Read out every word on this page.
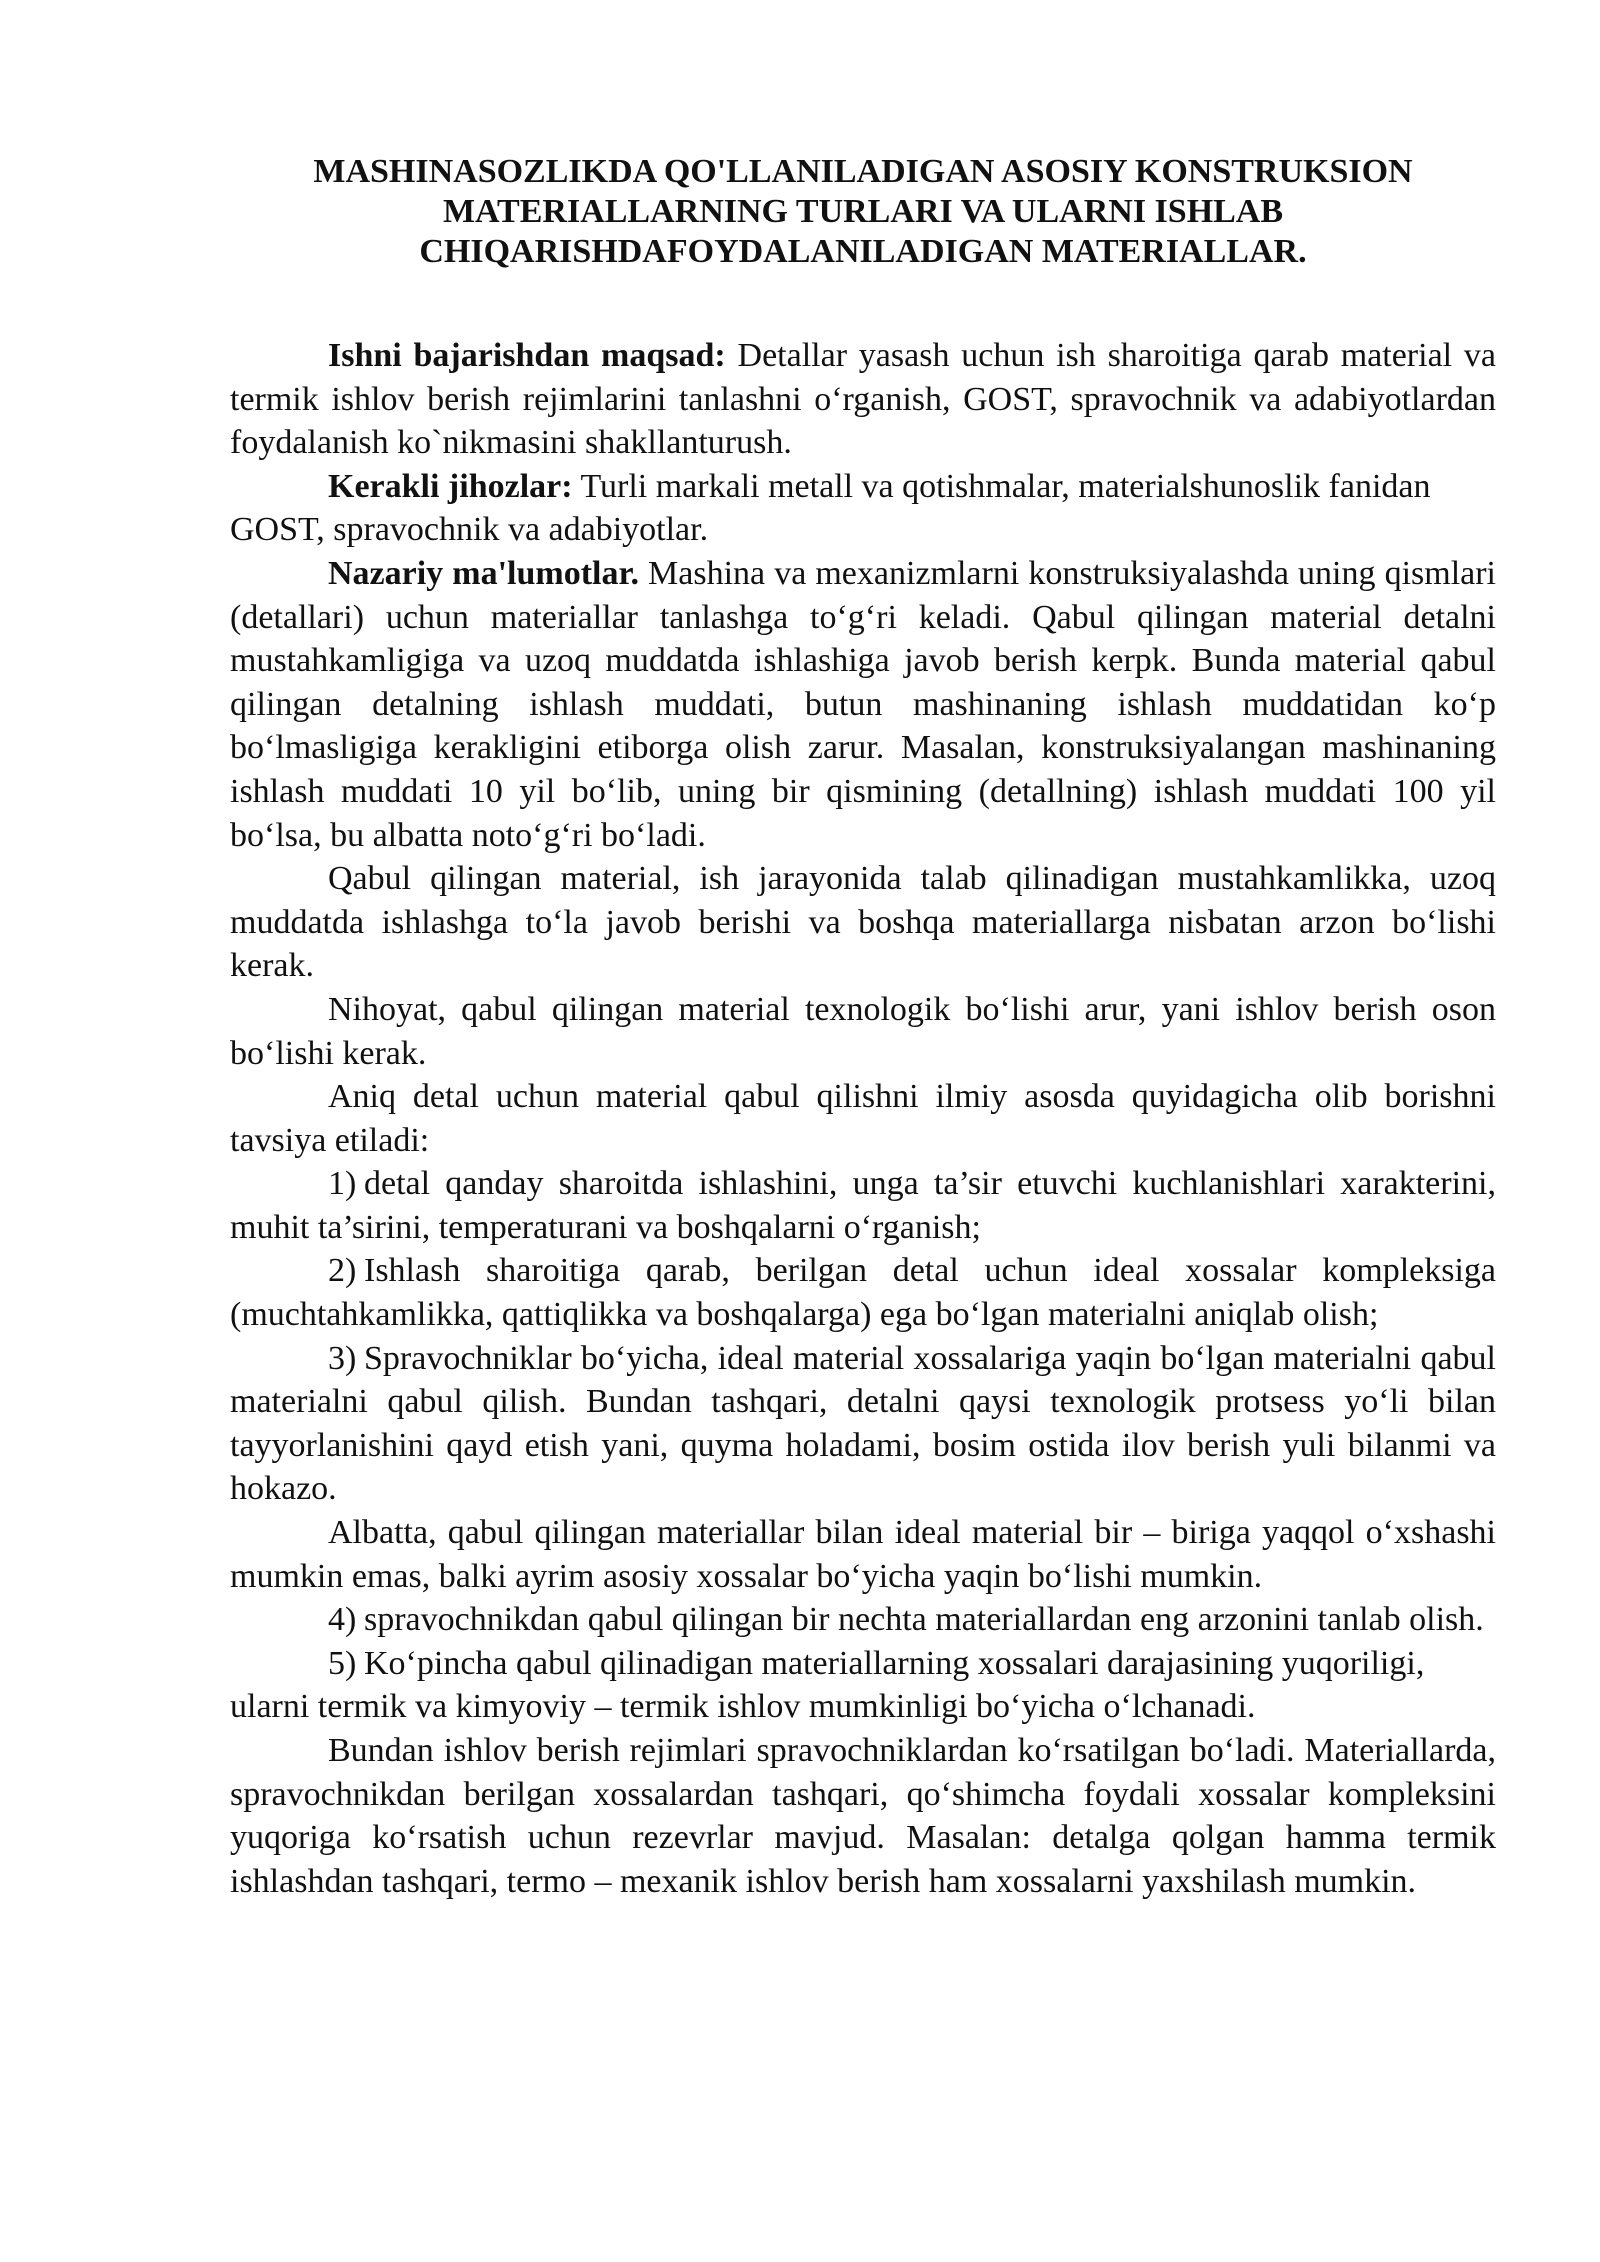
MASHINASOZLIKDA QO'LLANILADIGAN ASOSIY KONSTRUKSION
MATERIALLARNING TURLARI VA ULARNI ISHLAB
CHIQARISHDAFOYDALANILADIGAN MATERIALLAR.

Ishni bajarishdan maqsad: Detallar yasash uchun ish sharoitiga qarab material va termik ishlov berish rejimlarini tanlashni o‘rganish, GOST, spravochnik va adabiyotlardan foydalanish ko`nikmasini shakllanturush.

Kerakli jihozlar: Turli markali metall va qotishmalar, materialshunoslik fanidan GOST, spravochnik va adabiyotlar.

Nazariy ma'lumotlar. Mashina va mexanizmlarni konstruksiyalashda uning qismlari (detallari) uchun materiallar tanlashga to‘g‘ri keladi. Qabul qilingan material detalni mustahkamligiga va uzoq muddatda ishlashiga javob berish kerpk. Bunda material qabul qilingan detalning ishlash muddati, butun mashinaning ishlash muddatidan ko‘p bo‘lmasligiga kerakligini etiborga olish zarur. Masalan, konstruksiyalangan mashinaning ishlash muddati 10 yil bo‘lib, uning bir qismining (detallning) ishlash muddati 100 yil bo‘lsa, bu albatta noto‘g‘ri bo‘ladi.

Qabul qilingan material, ish jarayonida talab qilinadigan mustahkamlikka, uzoq muddatda ishlashga to‘la javob berishi va boshqa materiallarga nisbatan arzon bo‘lishi kerak.

Nihoyat, qabul qilingan material texnologik bo‘lishi arur, yani ishlov berish oson bo‘lishi kerak.

Aniq detal uchun material qabul qilishni ilmiy asosda quyidagicha olib borishni tavsiya etiladi:

1) detal qanday sharoitda ishlashini, unga ta’sir etuvchi kuchlanishlari xarakterini, muhit ta’sirini, temperaturani va boshqalarni o‘rganish;

2) Ishlash sharoitiga qarab, berilgan detal uchun ideal xossalar kompleksiga (muchtahkamlikka, qattiqlikka va boshqalarga) ega bo‘lgan materialni aniqlab olish;

3) Spravochniklar bo‘yicha, ideal material xossalariga yaqin bo‘lgan materialni qabul materialni qabul qilish. Bundan tashqari, detalni qaysi texnologik protsess yo‘li bilan tayyorlanishini qayd etish yani, quyma holadami, bosim ostida ilov berish yuli bilanmi va hokazo.

Albatta, qabul qilingan materiallar bilan ideal material bir – biriga yaqqol o‘xshashi mumkin emas, balki ayrim asosiy xossalar bo‘yicha yaqin bo‘lishi mumkin.

4) spravochnikdan qabul qilingan bir nechta materiallardan eng arzonini tanlab olish.

5) Ko‘pincha qabul qilinadigan materiallarning xossalari darajasining yuqoriligi, ularni termik va kimyoviy – termik ishlov mumkinligi bo‘yicha o‘lchanadi.

Bundan ishlov berish rejimlari spravochniklardan ko‘rsatilgan bo‘ladi. Materiallarda, spravochnikdan berilgan xossalardan tashqari, qo‘shimcha foydali xossalar kompleksini yuqoriga ko‘rsatish uchun rezevrlar mavjud. Masalan: detalga qolgan hamma termik ishlashdan tashqari, termo – mexanik ishlov berish ham xossalarni yaxshilash mumkin.
